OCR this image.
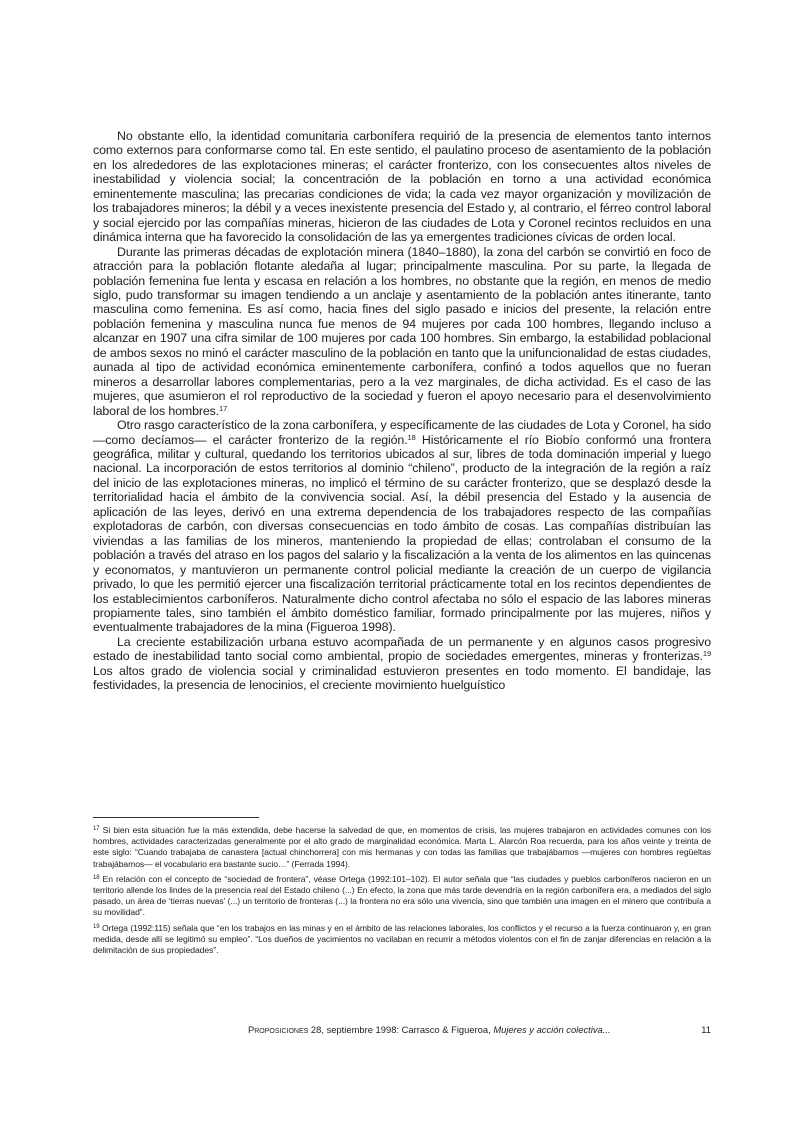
No obstante ello, la identidad comunitaria carbonífera requirió de la presencia de elementos tanto internos como externos para conformarse como tal. En este sentido, el paulatino proceso de asentamiento de la población en los alrededores de las explotaciones mineras; el carácter fronterizo, con los consecuentes altos niveles de inestabilidad y violencia social; la concentración de la población en torno a una actividad económica eminentemente masculina; las precarias condiciones de vida; la cada vez mayor organización y movilización de los trabajadores mineros; la débil y a veces inexistente presencia del Estado y, al contrario, el férreo control laboral y social ejercido por las compañías mineras, hicieron de las ciudades de Lota y Coronel recintos recluidos en una dinámica interna que ha favorecido la consolidación de las ya emergentes tradiciones cívicas de orden local.

Durante las primeras décadas de explotación minera (1840–1880), la zona del carbón se convirtió en foco de atracción para la población flotante aledaña al lugar; principalmente masculina. Por su parte, la llegada de población femenina fue lenta y escasa en relación a los hombres, no obstante que la región, en menos de medio siglo, pudo transformar su imagen tendiendo a un anclaje y asentamiento de la población antes itinerante, tanto masculina como femenina. Es así como, hacia fines del siglo pasado e inicios del presente, la relación entre población femenina y masculina nunca fue menos de 94 mujeres por cada 100 hombres, llegando incluso a alcanzar en 1907 una cifra similar de 100 mujeres por cada 100 hombres. Sin embargo, la estabilidad poblacional de ambos sexos no minó el carácter masculino de la población en tanto que la unifuncionalidad de estas ciudades, aunada al tipo de actividad económica eminentemente carbonífera, confinó a todos aquellos que no fueran mineros a desarrollar labores complementarias, pero a la vez marginales, de dicha actividad. Es el caso de las mujeres, que asumieron el rol reproductivo de la sociedad y fueron el apoyo necesario para el desenvolvimiento laboral de los hombres.$^{17}$

Otro rasgo característico de la zona carbonífera, y específicamente de las ciudades de Lota y Coronel, ha sido —como decíamos— el carácter fronterizo de la región.$^{18}$ Históricamente el río Biobío conformó una frontera geográfica, militar y cultural, quedando los territorios ubicados al sur, libres de toda dominación imperial y luego nacional. La incorporación de estos territorios al dominio “chileno”, producto de la integración de la región a raíz del inicio de las explotaciones mineras, no implicó el término de su carácter fronterizo, que se desplazó desde la territorialidad hacia el ámbito de la convivencia social. Así, la débil presencia del Estado y la ausencia de aplicación de las leyes, derivó en una extrema dependencia de los trabajadores respecto de las compañías explotadoras de carbón, con diversas consecuencias en todo ámbito de cosas. Las compañías distribuían las viviendas a las familias de los mineros, manteniendo la propiedad de ellas; controlaban el consumo de la población a través del atraso en los pagos del salario y la fiscalización a la venta de los alimentos en las quincenas y economatos, y mantuvieron un permanente control policial mediante la creación de un cuerpo de vigilancia privado, lo que les permitió ejercer una fiscalización territorial prácticamente total en los recintos dependientes de los establecimientos carboníferos. Naturalmente dicho control afectaba no sólo el espacio de las labores mineras propiamente tales, sino también el ámbito doméstico familiar, formado principalmente por las mujeres, niños y eventualmente trabajadores de la mina (Figueroa 1998).

La creciente estabilización urbana estuvo acompañada de un permanente y en algunos casos progresivo estado de inestabilidad tanto social como ambiental, propio de sociedades emergentes, mineras y fronterizas.$^{19}$ Los altos grado de violencia social y criminalidad estuvieron presentes en todo momento. El bandidaje, las festividades, la presencia de lenocinios, el creciente movimiento huelguístico

$^{17}$ Si bien esta situación fue la más extendida, debe hacerse la salvedad de que, en momentos de crisis, las mujeres trabajaron en actividades comunes con los hombres, actividades caracterizadas generalmente por el alto grado de marginalidad económica. Marta L. Alarcón Roa recuerda, para los años veinte y treinta de este siglo: “Cuando trabajaba de canastera [actual chinchorrera] con mis hermanas y con todas las familias que trabajábamos —mujeres con hombres regüeltas trabajábamos— el vocabulario era bastante sucio…” (Ferrada 1994).

$^{18}$ En relación con el concepto de “sociedad de frontera”, véase Ortega (1992:101–102). El autor señala que “las ciudades y pueblos carboníferos nacieron en un territorio allende los lindes de la presencia real del Estado chileno (...) En efecto, la zona que más tarde devendría en la región carbonífera era, a mediados del siglo pasado, un área de ‘tierras nuevas’ (...) un territorio de fronteras (...) la frontera no era sólo una vivencia, sino que también una imagen en el minero que contribuía a su movilidad”.

$^{19}$ Ortega (1992:115) señala que “en los trabajos en las minas y en el ámbito de las relaciones laborales, los conflictos y el recurso a la fuerza continuaron y, en gran medida, desde allí se legitimó su empleo”. “Los dueños de yacimientos no vacilaban en recurrir a métodos violentos con el fin de zanjar diferencias en relación a la delimitación de sus propiedades”.

Proposiciones 28, septiembre 1998: Carrasco & Figueroa, Mujeres y acción colectiva...	11
